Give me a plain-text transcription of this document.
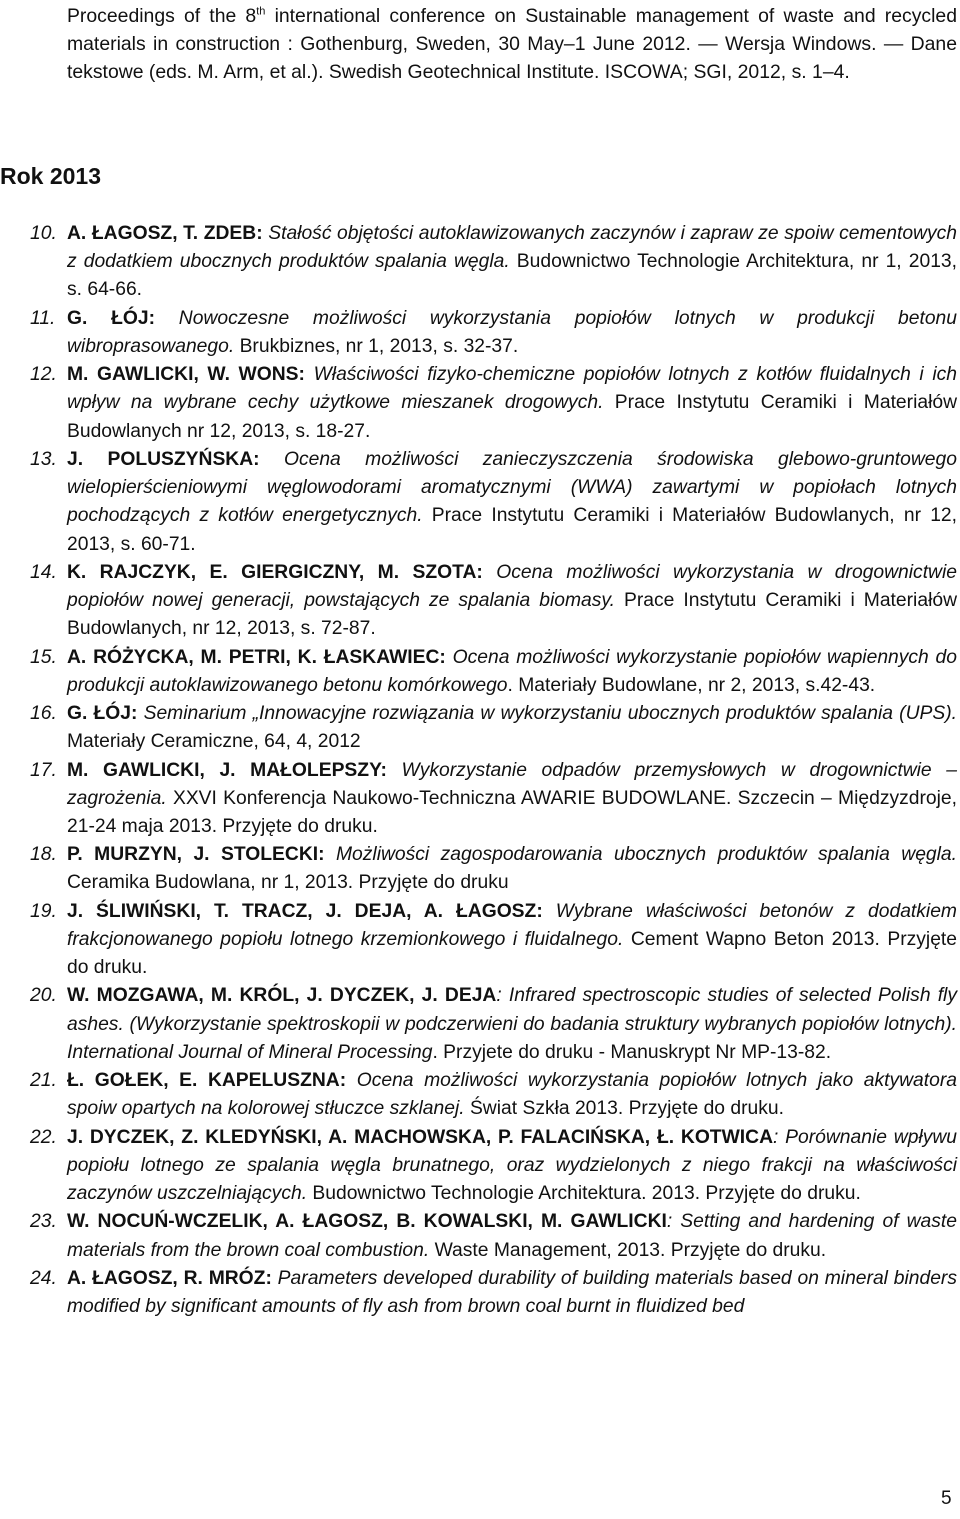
Proceedings of the 8th international conference on Sustainable management of waste and recycled materials in construction : Gothenburg, Sweden, 30 May–1 June 2012. — Wersja Windows. — Dane tekstowe (eds. M. Arm, et al.). Swedish Geotechnical Institute. ISCOWA; SGI, 2012, s. 1–4.
Rok 2013
10. A. ŁAGOSZ, T. ZDEB: Stałość objętości autoklawizowanych zaczynów i zapraw ze spoiw cementowych z dodatkiem ubocznych produktów spalania węgla. Budownictwo Technologie Architektura, nr 1, 2013, s. 64-66.
11. G. ŁÓJ: Nowoczesne możliwości wykorzystania popiołów lotnych w produkcji betonu wibroprasowanego. Brukbiznes, nr 1, 2013, s. 32-37.
12. M. GAWLICKI, W. WONS: Właściwości fizyko-chemiczne popiołów lotnych z kotłów fluidalnych i ich wpływ na wybrane cechy użytkowe mieszanek drogowych. Prace Instytutu Ceramiki i Materiałów Budowlanych nr 12, 2013, s. 18-27.
13. J. POLUSZYŃSKA: Ocena możliwości zanieczyszczenia środowiska glebowo-gruntowego wielopierścieniowymi węglowodorami aromatycznymi (WWA) zawartymi w popiołach lotnych pochodzących z kotłów energetycznych. Prace Instytutu Ceramiki i Materiałów Budowlanych, nr 12, 2013, s. 60-71.
14. K. RAJCZYK, E. GIERGICZNY, M. SZOTA: Ocena możliwości wykorzystania w drogownictwie popiołów nowej generacji, powstających ze spalania biomasy. Prace Instytutu Ceramiki i Materiałów Budowlanych, nr 12, 2013, s. 72-87.
15. A. RÓŻYCKA, M. PETRI, K. ŁASKAWIEC: Ocena możliwości wykorzystanie popiołów wapiennych do produkcji autoklawizowanego betonu komórkowego. Materiały Budowlane, nr 2, 2013, s.42-43.
16. G. ŁÓJ: Seminarium „Innowacyjne rozwiązania w wykorzystaniu ubocznych produktów spalania (UPS). Materiały Ceramiczne, 64, 4, 2012
17. M. GAWLICKI, J. MAŁOLEPSZY: Wykorzystanie odpadów przemysłowych w drogownictwie – zagrożenia. XXVI Konferencja Naukowo-Techniczna AWARIE BUDOWLANE. Szczecin – Międzyzdroje, 21-24 maja 2013. Przyjęte do druku.
18. P. MURZYN, J. STOLECKI: Możliwości zagospodarowania ubocznych produktów spalania węgla. Ceramika Budowlana, nr 1, 2013. Przyjęte do druku
19. J. ŚLIWIŃSKI, T. TRACZ, J. DEJA, A. ŁAGOSZ: Wybrane właściwości betonów z dodatkiem frakcjonowanego popiołu lotnego krzemionkowego i fluidalnego. Cement Wapno Beton 2013. Przyjęte do druku.
20. W. MOZGAWA, M. KRÓL, J. DYCZEK, J. DEJA: Infrared spectroscopic studies of selected Polish fly ashes. (Wykorzystanie spektroskopii w podczerwieni do badania struktury wybranych popiołów lotnych). International Journal of Mineral Processing. Przyjete do druku - Manuskrypt Nr MP-13-82.
21. Ł. GOŁEK, E. KAPELUSZNA: Ocena możliwości wykorzystania popiołów lotnych jako aktywatora spoiw opartych na kolorowej stłuczce szklanej. Świat Szkła 2013. Przyjęte do druku.
22. J. DYCZEK, Z. KLEDYŃSKI, A. MACHOWSKA, P. FALACIŃSKA, Ł. KOTWICA: Porównanie wpływu popiołu lotnego ze spalania węgla brunatnego, oraz wydzielonych z niego frakcji na właściwości zaczynów uszczelniających. Budownictwo Technologie Architektura. 2013. Przyjęte do druku.
23. W. NOCUŃ-WCZELIK, A. ŁAGOSZ, B. KOWALSKI, M. GAWLICKI: Setting and hardening of waste materials from the brown coal combustion. Waste Management, 2013. Przyjęte do druku.
24. A. ŁAGOSZ, R. MRÓZ: Parameters developed durability of building materials based on mineral binders modified by significant amounts of fly ash from brown coal burnt in fluidized bed
5
